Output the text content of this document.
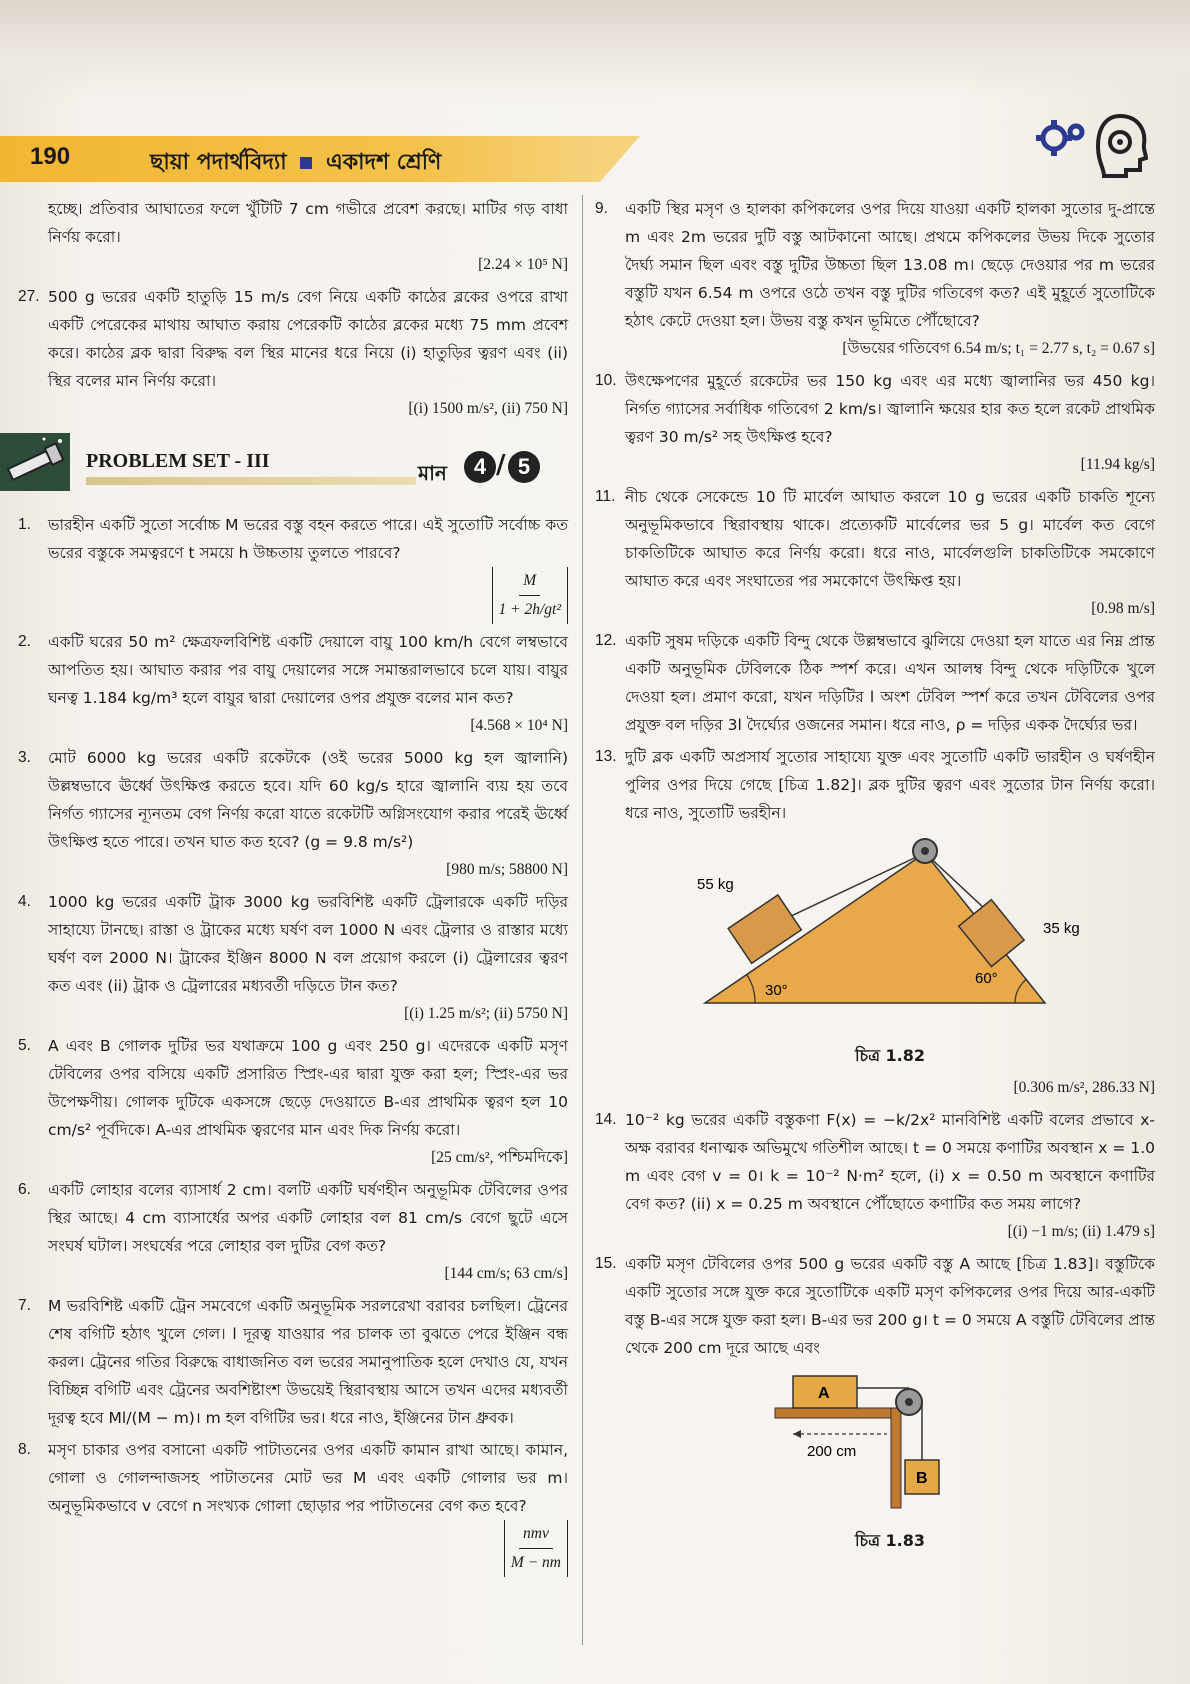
190	ছায়া পদার্থবিদ্যা একাদশ শ্রেণি
হচ্ছে। প্রতিবার আঘাতের ফলে খুঁটিটি 7 cm গভীরে প্রবেশ করছে। মাটির গড় বাধা নির্ণয় করো।
[2.24 × 10⁵ N]
27. 500 g ভরের একটি হাতুড়ি 15 m/s বেগ নিয়ে একটি কাঠের ব্লকের ওপরে রাখা একটি পেরেকের মাথায় আঘাত করায় পেরেকটি কাঠের ব্লকের মধ্যে 75 mm প্রবেশ করে। কাঠের ব্লক দ্বারা বিরুদ্ধ বল স্থির মানের ধরে নিয়ে (i) হাতুড়ির ত্বরণ এবং (ii) স্থির বলের মান নির্ণয় করো।
[(i) 1500 m/s², (ii) 750 N]
PROBLEM SET - III	মান	4 / 5
1. ভারহীন একটি সুতো সর্বোচ্চ M ভরের বস্তু বহন করতে পারে। এই সুতোটি সর্বোচ্চ কত ভরের বস্তুকে সমত্বরণে t সময়ে h উচ্চতায় তুলতে পারবে?
$\frac{M}{\text{1 + 2h/gt²}}$
2. একটি ঘরের 50 m² ক্ষেত্রফলবিশিষ্ট একটি দেয়ালে বায়ু 100 km/h বেগে লম্বভাবে আপতিত হয়। আঘাত করার পর বায়ু দেয়ালের সঙ্গে সমান্তরালভাবে চলে যায়। বায়ুর ঘনত্ব 1.184 kg/m³ হলে বায়ুর দ্বারা দেয়ালের ওপর প্রযুক্ত বলের মান কত?
[4.568 × 10⁴ N]
3. মোট 6000 kg ভরের একটি রকেটকে (ওই ভরের 5000 kg হল জ্বালানি) উল্লম্বভাবে ঊর্ধ্বে উৎক্ষিপ্ত করতে হবে। যদি 60 kg/s হারে জ্বালানি ব্যয় হয় তবে নির্গত গ্যাসের ন্যূনতম বেগ নির্ণয় করো যাতে রকেটটি অগ্নিসংযোগ করার পরেই ঊর্ধ্বে উৎক্ষিপ্ত হতে পারে। তখন ঘাত কত হবে? (g = 9.8 m/s²)
[980 m/s; 58800 N]
4. 1000 kg ভরের একটি ট্রাক 3000 kg ভরবিশিষ্ট একটি ট্রেলারকে একটি দড়ির সাহায্যে টানছে। রাস্তা ও ট্রাকের মধ্যে ঘর্ষণ বল 1000 N এবং ট্রেলার ও রাস্তার মধ্যে ঘর্ষণ বল 2000 N। ট্রাকের ইঞ্জিন 8000 N বল প্রয়োগ করলে (i) ট্রেলারের ত্বরণ কত এবং (ii) ট্রাক ও ট্রেলারের মধ্যবর্তী দড়িতে টান কত?
[(i) 1.25 m/s²; (ii) 5750 N]
5. A এবং B গোলক দুটির ভর যথাক্রমে 100 g এবং 250 g। এদেরকে একটি মসৃণ টেবিলের ওপর বসিয়ে একটি প্রসারিত স্প্রিং-এর দ্বারা যুক্ত করা হল; স্প্রিং-এর ভর উপেক্ষণীয়। গোলক দুটিকে একসঙ্গে ছেড়ে দেওয়াতে B-এর প্রাথমিক ত্বরণ হল 10 cm/s² পূর্বদিকে। A-এর প্রাথমিক ত্বরণের মান এবং দিক নির্ণয় করো।
[25 cm/s², পশ্চিমদিকে]
6. একটি লোহার বলের ব্যাসার্ধ 2 cm। বলটি একটি ঘর্ষণহীন অনুভূমিক টেবিলের ওপর স্থির আছে। 4 cm ব্যাসার্ধের অপর একটি লোহার বল 81 cm/s বেগে ছুটে এসে সংঘর্ষ ঘটাল। সংঘর্ষের পরে লোহার বল দুটির বেগ কত?
[144 cm/s; 63 cm/s]
7. M ভরবিশিষ্ট একটি ট্রেন সমবেগে একটি অনুভূমিক সরলরেখা বরাবর চলছিল। ট্রেনের শেষ বগিটি হঠাৎ খুলে গেল। l দূরত্ব যাওয়ার পর চালক তা বুঝতে পেরে ইঞ্জিন বন্ধ করল। ট্রেনের গতির বিরুদ্ধে বাধাজনিত বল ভরের সমানুপাতিক হলে দেখাও যে, যখন বিচ্ছিন্ন বগিটি এবং ট্রেনের অবশিষ্টাংশ উভয়েই স্থিরাবস্থায় আসে তখন এদের মধ্যবর্তী দূরত্ব হবে Ml/(M − m)। m হল বগিটির ভর। ধরে নাও, ইঞ্জিনের টান ধ্রুবক।
8. মসৃণ চাকার ওপর বসানো একটি পাটাতনের ওপর একটি কামান রাখা আছে। কামান, গোলা ও গোলন্দাজসহ পাটাতনের মোট ভর M এবং একটি গোলার ভর m। অনুভূমিকভাবে v বেগে n সংখ্যক গোলা ছোড়ার পর পাটাতনের বেগ কত হবে?
$\frac{\text{nmv}}{M - nm}$
9. একটি স্থির মসৃণ ও হালকা কপিকলের ওপর দিয়ে যাওয়া একটি হালকা সুতোর দু-প্রান্তে m এবং 2m ভরের দুটি বস্তু আটকানো আছে। প্রথমে কপিকলের উভয় দিকে সুতোর দৈর্ঘ্য সমান ছিল এবং বস্তু দুটির উচ্চতা ছিল 13.08 m। ছেড়ে দেওয়ার পর m ভরের বস্তুটি যখন 6.54 m ওপরে ওঠে তখন বস্তু দুটির গতিবেগ কত? এই মুহূর্তে সুতোটিকে হঠাৎ কেটে দেওয়া হল। উভয় বস্তু কখন ভূমিতে পৌঁছোবে?
[উভয়ের গতিবেগ 6.54 m/s; t₁ = 2.77 s, t₂ = 0.67 s]
10. উৎক্ষেপণের মুহূর্তে রকেটের ভর 150 kg এবং এর মধ্যে জ্বালানির ভর 450 kg। নির্গত গ্যাসের সর্বাধিক গতিবেগ 2 km/s। জ্বালানি ক্ষয়ের হার কত হলে রকেট প্রাথমিক ত্বরণ 30 m/s² সহ উৎক্ষিপ্ত হবে?
[11.94 kg/s]
11. নীচ থেকে সেকেন্ডে 10 টি মার্বেল আঘাত করলে 10 g ভরের একটি চাকতি শূন্যে অনুভূমিকভাবে স্থিরাবস্থায় থাকে। প্রত্যেকটি মার্বেলের ভর 5 g। মার্বেল কত বেগে চাকতিটিকে আঘাত করে নির্ণয় করো। ধরে নাও, মার্বেলগুলি চাকতিটিকে সমকোণে আঘাত করে এবং সংঘাতের পর সমকোণে উৎক্ষিপ্ত হয়।
[0.98 m/s]
12. একটি সুষম দড়িকে একটি বিন্দু থেকে উল্লম্বভাবে ঝুলিয়ে দেওয়া হল যাতে এর নিম্ন প্রান্ত একটি অনুভূমিক টেবিলকে ঠিক স্পর্শ করে। এখন আলম্ব বিন্দু থেকে দড়িটিকে খুলে দেওয়া হল। প্রমাণ করো, যখন দড়িটির l অংশ টেবিল স্পর্শ করে তখন টেবিলের ওপর প্রযুক্ত বল দড়ির 3l দৈর্ঘ্যের ওজনের সমান। ধরে নাও, ρ = দড়ির একক দৈর্ঘ্যের ভর।
13. দুটি ব্লক একটি অপ্রসার্য সুতোর সাহায্যে যুক্ত এবং সুতোটি একটি ভারহীন ও ঘর্ষণহীন পুলির ওপর দিয়ে গেছে [চিত্র 1.82]। ব্লক দুটির ত্বরণ এবং সুতোর টান নির্ণয় করো। ধরে নাও, সুতোটি ভরহীন।
55 kg
35 kg
30°
60°
চিত্র 1.82
[0.306 m/s², 286.33 N]
14. 10⁻² kg ভরের একটি বস্তুকণা F(x) = −k/2x² মানবিশিষ্ট একটি বলের প্রভাবে x-অক্ষ বরাবর ধনাত্মক অভিমুখে গতিশীল আছে। t = 0 সময়ে কণাটির অবস্থান x = 1.0 m এবং বেগ v = 0। k = 10⁻² N·m² হলে, (i) x = 0.50 m অবস্থানে কণাটির বেগ কত? (ii) x = 0.25 m অবস্থানে পৌঁছোতে কণাটির কত সময় লাগে?
[(i) −1 m/s; (ii) 1.479 s]
15. একটি মসৃণ টেবিলের ওপর 500 g ভরের একটি বস্তু A আছে [চিত্র 1.83]। বস্তুটিকে একটি সুতোর সঙ্গে যুক্ত করে সুতোটিকে একটি মসৃণ কপিকলের ওপর দিয়ে আর-একটি বস্তু B-এর সঙ্গে যুক্ত করা হল। B-এর ভর 200 g। t = 0 সময়ে A বস্তুটি টেবিলের প্রান্ত থেকে 200 cm দূরে আছে এবং
A
B
200 cm
চিত্র 1.83
